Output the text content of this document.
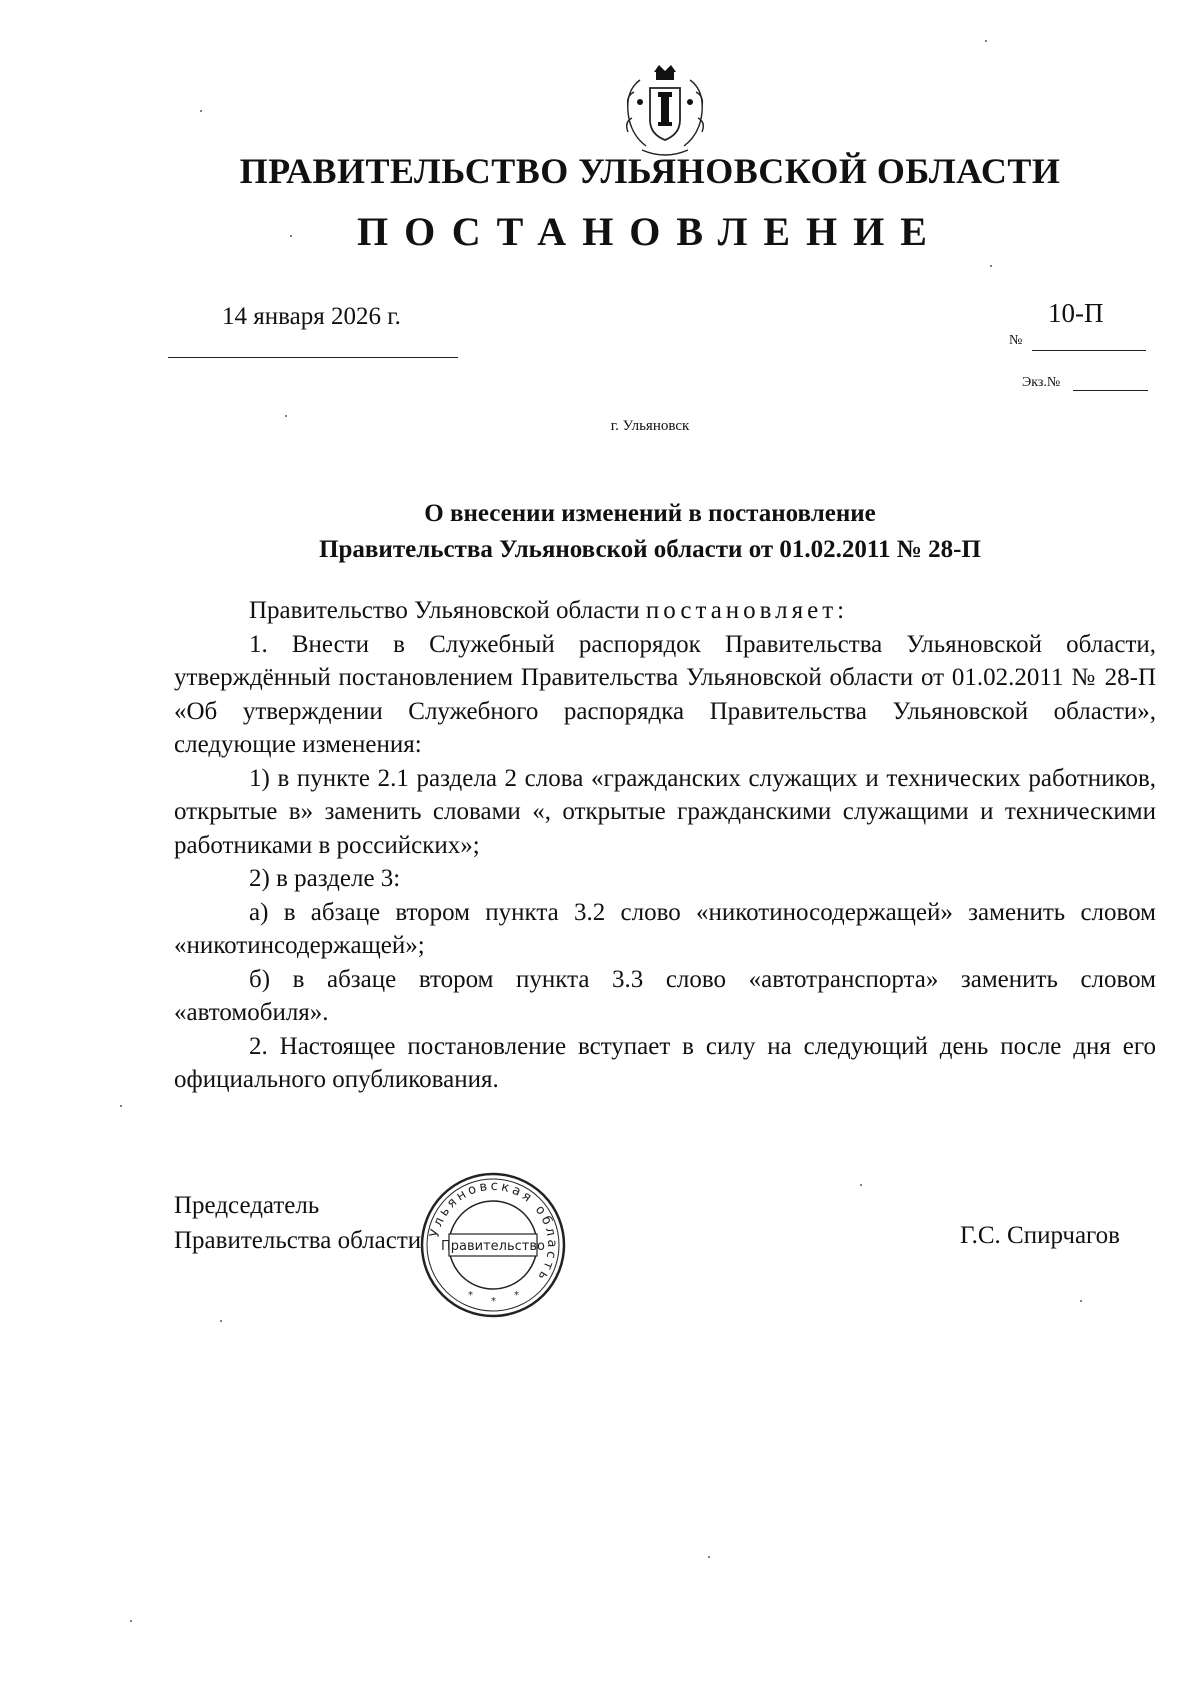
ПРАВИТЕЛЬСТВО УЛЬЯНОВСКОЙ ОБЛАСТИ
ПОСТАНОВЛЕНИЕ
14 января 2026 г.	10-П
№
Экз.№
г. Ульяновск
О внесении изменений в постановление
Правительства Ульяновской области от 01.02.2011 № 28-П

Правительство Ульяновской области постановляет:

1. Внести в Служебный распорядок Правительства Ульяновской области, утверждённый постановлением Правительства Ульяновской области от 01.02.2011 № 28-П «Об утверждении Служебного распорядка Правительства Ульяновской области», следующие изменения:

1) в пункте 2.1 раздела 2 слова «гражданских служащих и технических работников, открытые в» заменить словами «, открытые гражданскими служащими и техническими работниками в российских»;

2) в разделе 3:

а) в абзаце втором пункта 3.2 слово «никотиносодержащей» заменить словом «никотинсодержащей»;

б) в абзаце втором пункта 3.3 слово «автотранспорта» заменить словом «автомобиля».

2. Настоящее постановление вступает в силу на следующий день после дня его официального опубликования.

Председатель
Правительства области	Г.С. Спирчагов
Ульяновская область
Правительство
*
*
*
